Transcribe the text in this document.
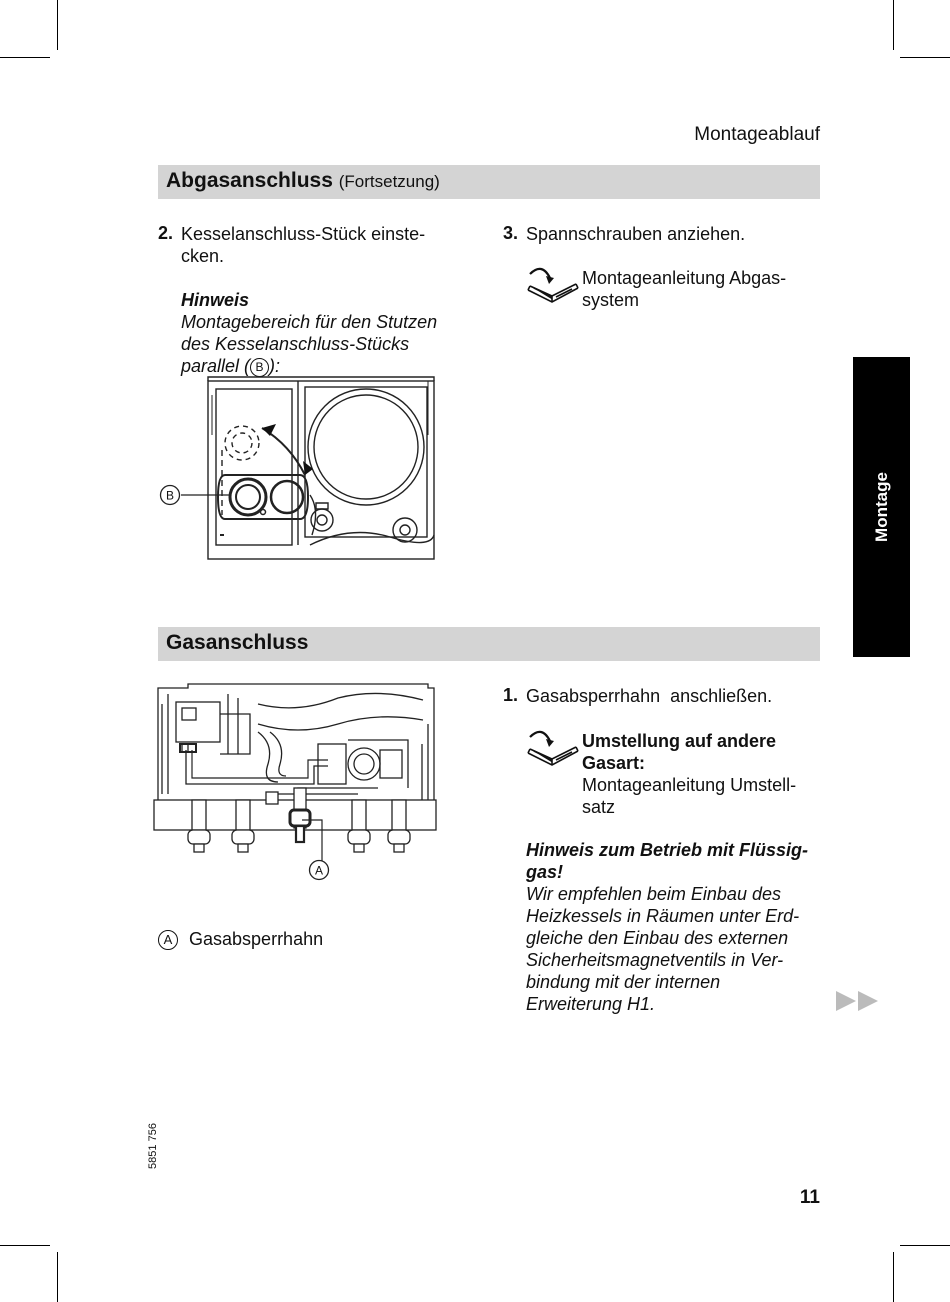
Montageablauf
Abgasanschluss (Fortsetzung)
2. Kesselanschluss-Stück einste-
cken.
Hinweis
Montagebereich für den Stutzen
des Kesselanschluss-Stücks
parallel ( B ):
B
3. Spannschrauben anziehen.
Montageanleitung Abgas-
system
Montage
Gasanschluss
A
A Gasabsperrhahn
1. Gasabsperrhahn  anschließen.
Umstellung auf andere
Gasart:
Montageanleitung Umstell-
satz
Hinweis zum Betrieb mit Flüssig-
gas!
Wir empfehlen beim Einbau des
Heizkessels in Räumen unter Erd-
gleiche den Einbau des externen
Sicherheitsmagnetventils in Ver-
bindung mit der internen
Erweiterung H1.
5851 756
11
